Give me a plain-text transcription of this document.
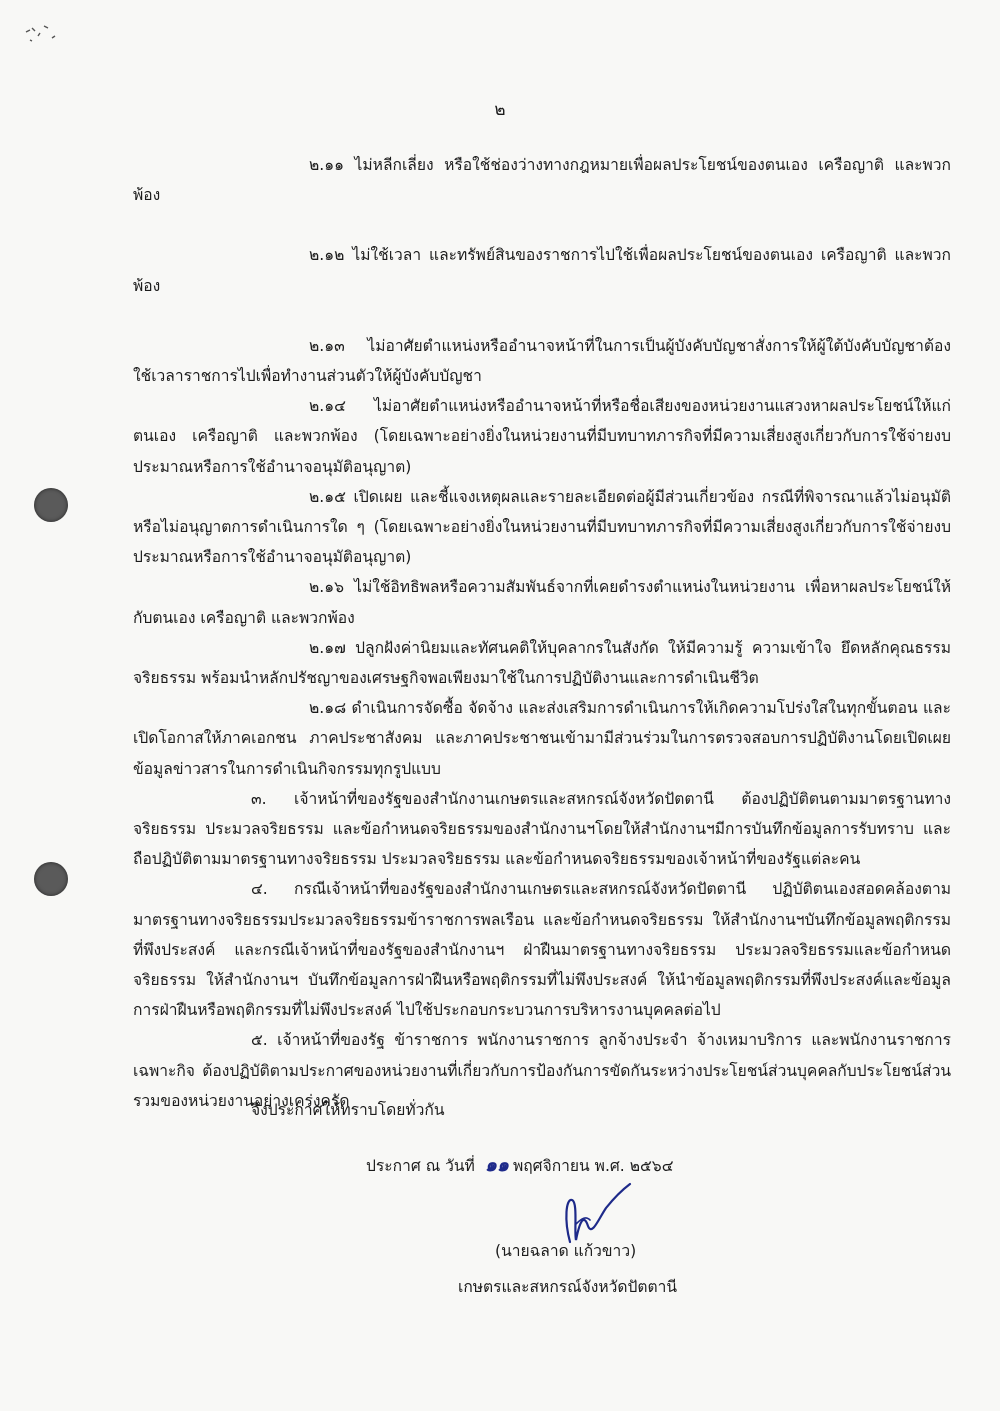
๒

๒.๑๑ ไม่หลีกเลี่ยง หรือใช้ช่องว่างทางกฎหมายเพื่อผลประโยชน์ของตนเอง เครือญาติ และพวกพ้อง

๒.๑๒ ไม่ใช้เวลา และทรัพย์สินของราชการไปใช้เพื่อผลประโยชน์ของตนเอง เครือญาติ และพวกพ้อง

๒.๑๓ ไม่อาศัยตำแหน่งหรืออำนาจหน้าที่ในการเป็นผู้บังคับบัญชาสั่งการให้ผู้ใต้บังคับบัญชาต้องใช้เวลาราชการไปเพื่อทำงานส่วนตัวให้ผู้บังคับบัญชา

๒.๑๔ ไม่อาศัยตำแหน่งหรืออำนาจหน้าที่หรือชื่อเสียงของหน่วยงานแสวงหาผลประโยชน์ให้แก่ตนเอง เครือญาติ และพวกพ้อง (โดยเฉพาะอย่างยิ่งในหน่วยงานที่มีบทบาทภารกิจที่มีความเสี่ยงสูงเกี่ยวกับการใช้จ่ายงบประมาณหรือการใช้อำนาจอนุมัติอนุญาต)

๒.๑๕ เปิดเผย และชี้แจงเหตุผลและรายละเอียดต่อผู้มีส่วนเกี่ยวข้อง กรณีที่พิจารณาแล้วไม่อนุมัติ หรือไม่อนุญาตการดำเนินการใด ๆ (โดยเฉพาะอย่างยิ่งในหน่วยงานที่มีบทบาทภารกิจที่มีความเสี่ยงสูงเกี่ยวกับการใช้จ่ายงบประมาณหรือการใช้อำนาจอนุมัติอนุญาต)

๒.๑๖ ไม่ใช้อิทธิพลหรือความสัมพันธ์จากที่เคยดำรงตำแหน่งในหน่วยงาน เพื่อหาผลประโยชน์ให้กับตนเอง เครือญาติ และพวกพ้อง

๒.๑๗ ปลูกฝังค่านิยมและทัศนคติให้บุคลากรในสังกัด ให้มีความรู้ ความเข้าใจ ยึดหลักคุณธรรม จริยธรรม พร้อมนำหลักปรัชญาของเศรษฐกิจพอเพียงมาใช้ในการปฏิบัติงานและการดำเนินชีวิต

๒.๑๘ ดำเนินการจัดซื้อ จัดจ้าง และส่งเสริมการดำเนินการให้เกิดความโปร่งใสในทุกขั้นตอน และเปิดโอกาสให้ภาคเอกชน ภาคประชาสังคม และภาคประชาชนเข้ามามีส่วนร่วมในการตรวจสอบการปฏิบัติงานโดยเปิดเผยข้อมูลข่าวสารในการดำเนินกิจกรรมทุกรูปแบบ

๓. เจ้าหน้าที่ของรัฐของสำนักงานเกษตรและสหกรณ์จังหวัดปัตตานี ต้องปฏิบัติตนตามมาตรฐานทางจริยธรรม ประมวลจริยธรรม และข้อกำหนดจริยธรรมของสำนักงานฯโดยให้สำนักงานฯมีการบันทึกข้อมูลการรับทราบ และถือปฏิบัติตามมาตรฐานทางจริยธรรม ประมวลจริยธรรม และข้อกำหนดจริยธรรมของเจ้าหน้าที่ของรัฐแต่ละคน

๔. กรณีเจ้าหน้าที่ของรัฐของสำนักงานเกษตรและสหกรณ์จังหวัดปัตตานี ปฏิบัติตนเองสอดคล้องตามมาตรฐานทางจริยธรรมประมวลจริยธรรมข้าราชการพลเรือน และข้อกำหนดจริยธรรม ให้สำนักงานฯบันทึกข้อมูลพฤติกรรมที่พึงประสงค์ และกรณีเจ้าหน้าที่ของรัฐของสำนักงานฯ ฝ่าฝืนมาตรฐานทางจริยธรรม ประมวลจริยธรรมและข้อกำหนดจริยธรรม ให้สำนักงานฯ บันทึกข้อมูลการฝ่าฝืนหรือพฤติกรรมที่ไม่พึงประสงค์ ให้นำข้อมูลพฤติกรรมที่พึงประสงค์และข้อมูลการฝ่าฝืนหรือพฤติกรรมที่ไม่พึงประสงค์ ไปใช้ประกอบกระบวนการบริหารงานบุคคลต่อไป

๕. เจ้าหน้าที่ของรัฐ ข้าราชการ พนักงานราชการ ลูกจ้างประจำ จ้างเหมาบริการ และพนักงานราชการเฉพาะกิจ ต้องปฏิบัติตามประกาศของหน่วยงานที่เกี่ยวกับการป้องกันการขัดกันระหว่างประโยชน์ส่วนบุคคลกับประโยชน์ส่วนรวมของหน่วยงานอย่างเคร่งครัด

จึงประกาศให้ทราบโดยทั่วกัน
ประกาศ ณ วันที่ ๑๑ พฤศจิกายน พ.ศ. ๒๕๖๔
(นายฉลาด แก้วขาว)
เกษตรและสหกรณ์จังหวัดปัตตานี
